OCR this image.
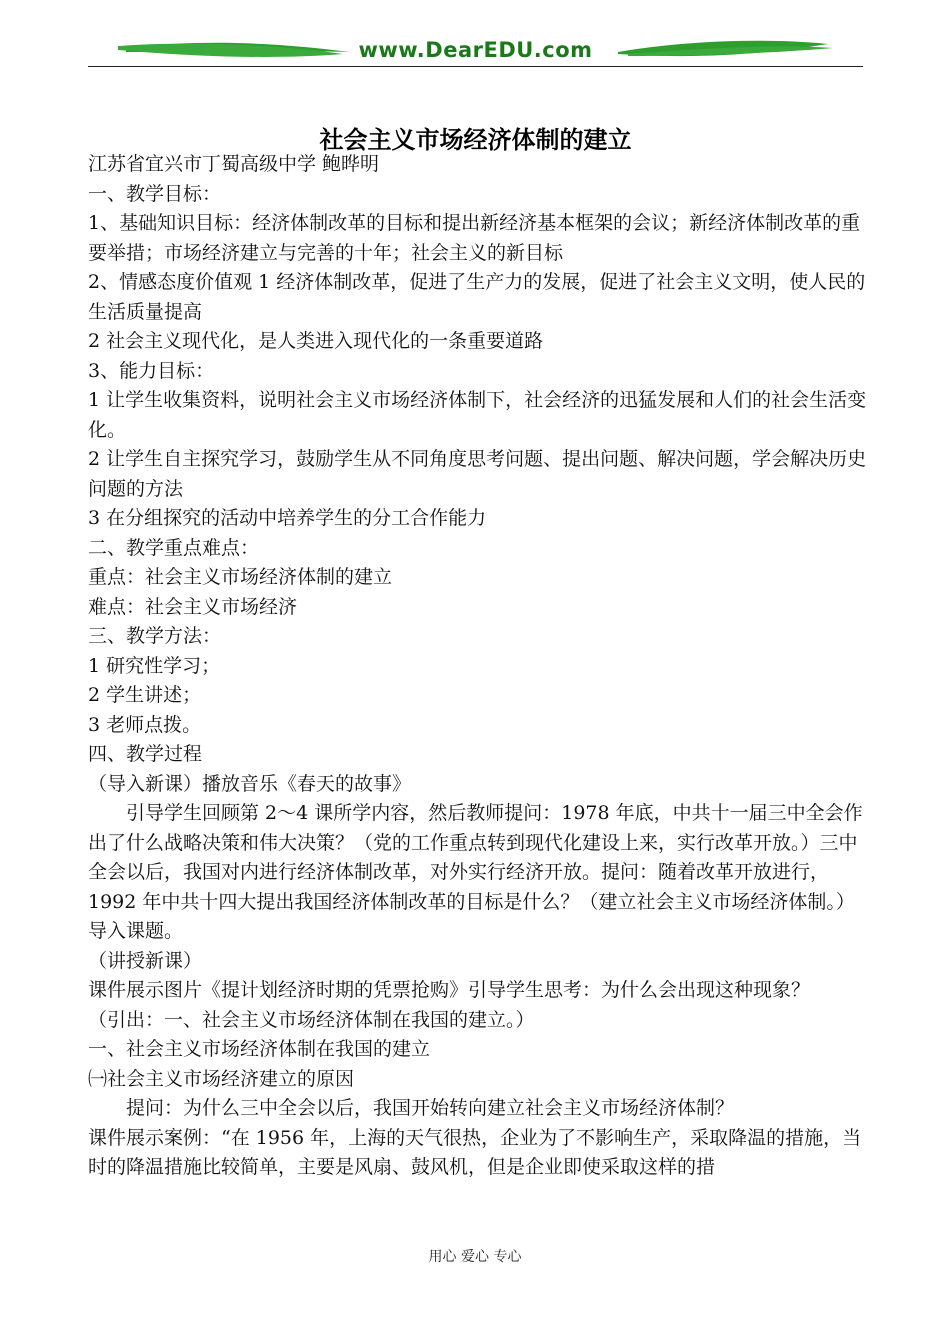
www.DearEDU.com
社会主义市场经济体制的建立

江苏省宜兴市丁蜀高级中学 鲍晔明

一、教学目标：

1、基础知识目标：经济体制改革的目标和提出新经济基本框架的会议；新经济体制改革的重要举措；市场经济建立与完善的十年；社会主义的新目标

2、情感态度价值观 1 经济体制改革，促进了生产力的发展，促进了社会主义文明，使人民的生活质量提高

2 社会主义现代化，是人类进入现代化的一条重要道路

3、能力目标：

1 让学生收集资料，说明社会主义市场经济体制下，社会经济的迅猛发展和人们的社会生活变化。

2 让学生自主探究学习，鼓励学生从不同角度思考问题、提出问题、解决问题，学会解决历史问题的方法

3 在分组探究的活动中培养学生的分工合作能力

二、教学重点难点：

重点：社会主义市场经济体制的建立

难点：社会主义市场经济

三、教学方法：

1 研究性学习；

2 学生讲述；

3 老师点拨。

四、教学过程

（导入新课）播放音乐《春天的故事》

引导学生回顾第 2～4 课所学内容，然后教师提问：1978 年底，中共十一届三中全会作出了什么战略决策和伟大决策？（党的工作重点转到现代化建设上来，实行改革开放。）三中全会以后，我国对内进行经济体制改革，对外实行经济开放。提问：随着改革开放进行，1992 年中共十四大提出我国经济体制改革的目标是什么？（建立社会主义市场经济体制。）导入课题。

（讲授新课）

课件展示图片《提计划经济时期的凭票抢购》引导学生思考：为什么会出现这种现象？

（引出：一、社会主义市场经济体制在我国的建立。）

一、社会主义市场经济体制在我国的建立

㈠社会主义市场经济建立的原因

提问：为什么三中全会以后，我国开始转向建立社会主义市场经济体制？

课件展示案例：“在 1956 年，上海的天气很热，企业为了不影响生产，采取降温的措施，当时的降温措施比较简单，主要是风扇、鼓风机，但是企业即使采取这样的措

用心 爱心 专心
